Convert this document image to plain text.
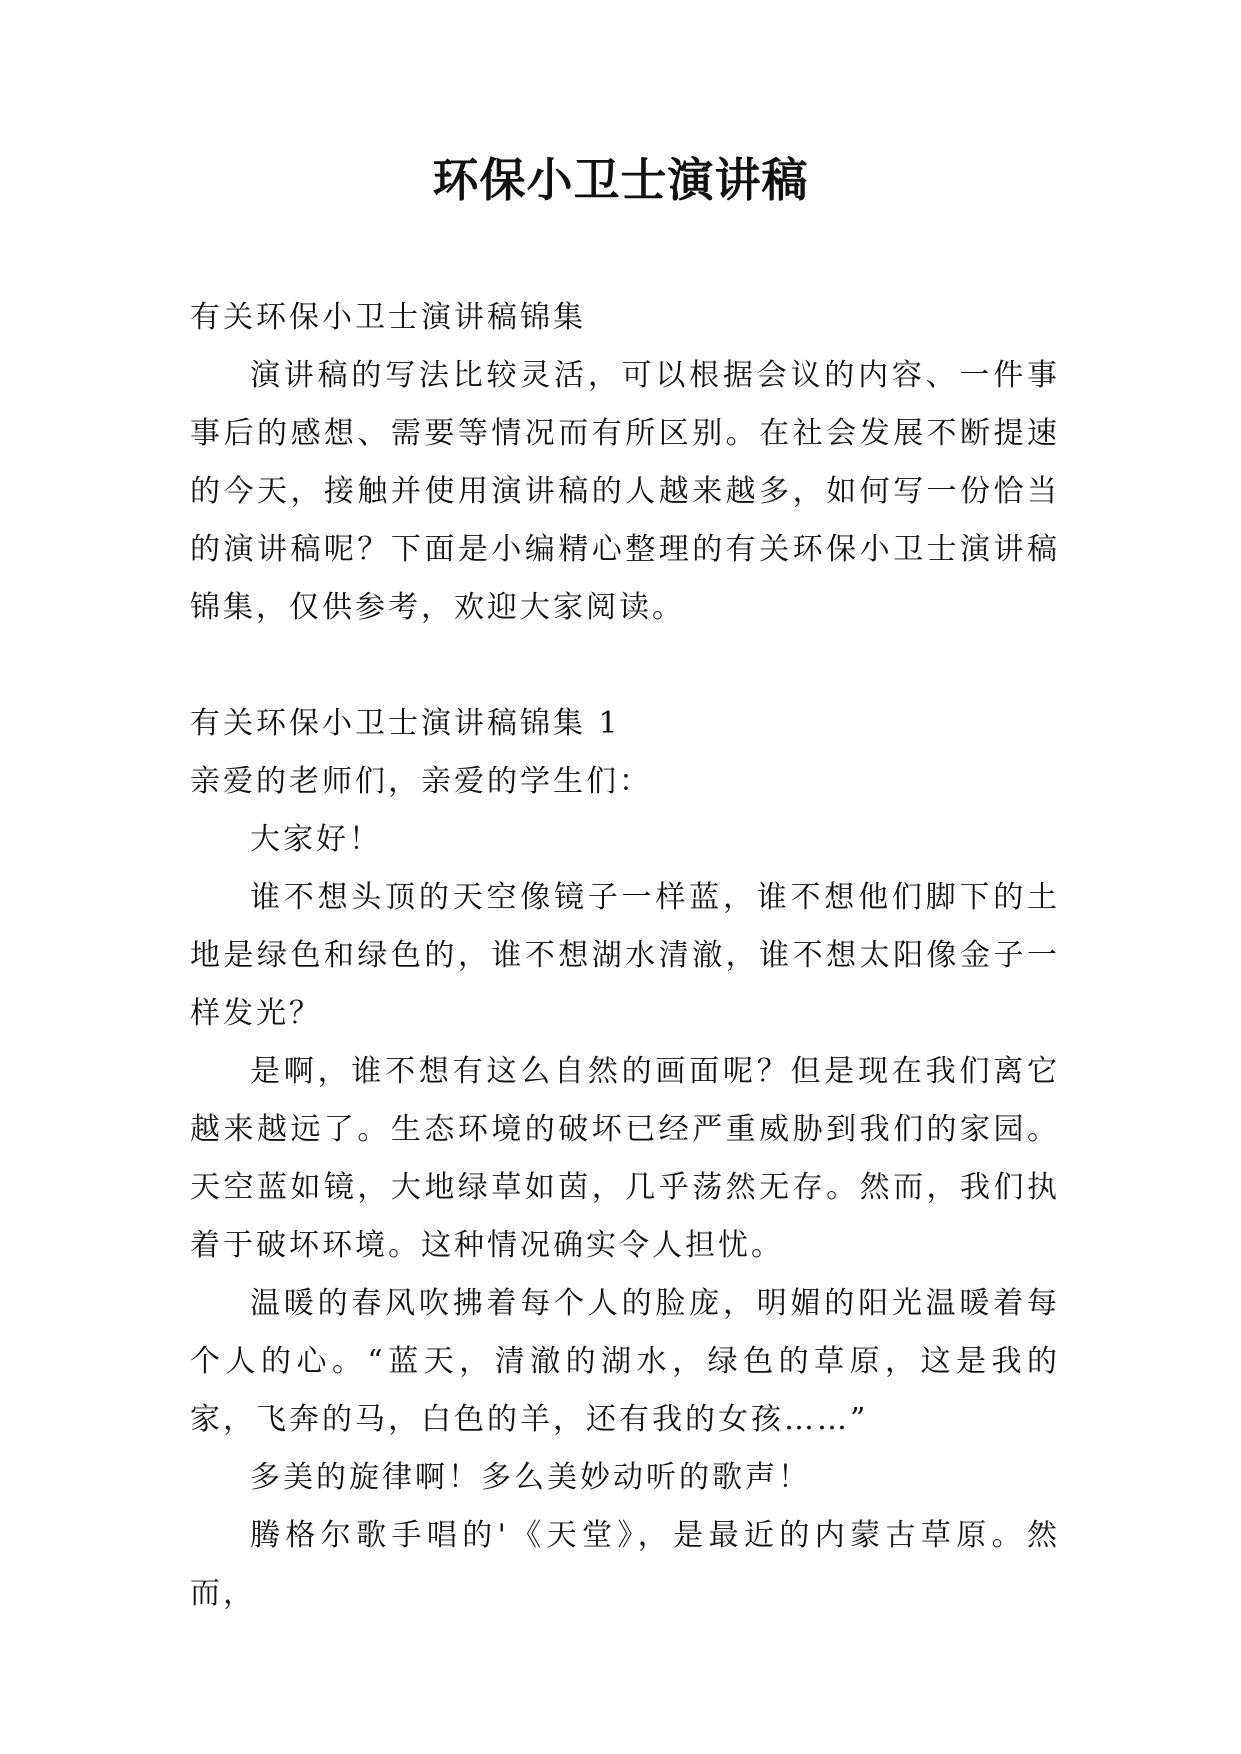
环保小卫士演讲稿

有关环保小卫士演讲稿锦集

演讲稿的写法比较灵活，可以根据会议的内容、一件事事后的感想、需要等情况而有所区别。在社会发展不断提速的今天，接触并使用演讲稿的人越来越多，如何写一份恰当的演讲稿呢？下面是小编精心整理的有关环保小卫士演讲稿锦集，仅供参考，欢迎大家阅读。

有关环保小卫士演讲稿锦集 1

亲爱的老师们，亲爱的学生们：

大家好！

谁不想头顶的天空像镜子一样蓝，谁不想他们脚下的土地是绿色和绿色的，谁不想湖水清澈，谁不想太阳像金子一样发光？

是啊，谁不想有这么自然的画面呢？但是现在我们离它越来越远了。生态环境的破坏已经严重威胁到我们的家园。天空蓝如镜，大地绿草如茵，几乎荡然无存。然而，我们执着于破坏环境。这种情况确实令人担忧。

温暖的春风吹拂着每个人的脸庞，明媚的阳光温暖着每个人的心。“蓝天，清澈的湖水，绿色的草原，这是我的家，飞奔的马，白色的羊，还有我的女孩……”

多美的旋律啊！多么美妙动听的歌声！

腾格尔歌手唱的'《天堂》，是最近的内蒙古草原。然而，
